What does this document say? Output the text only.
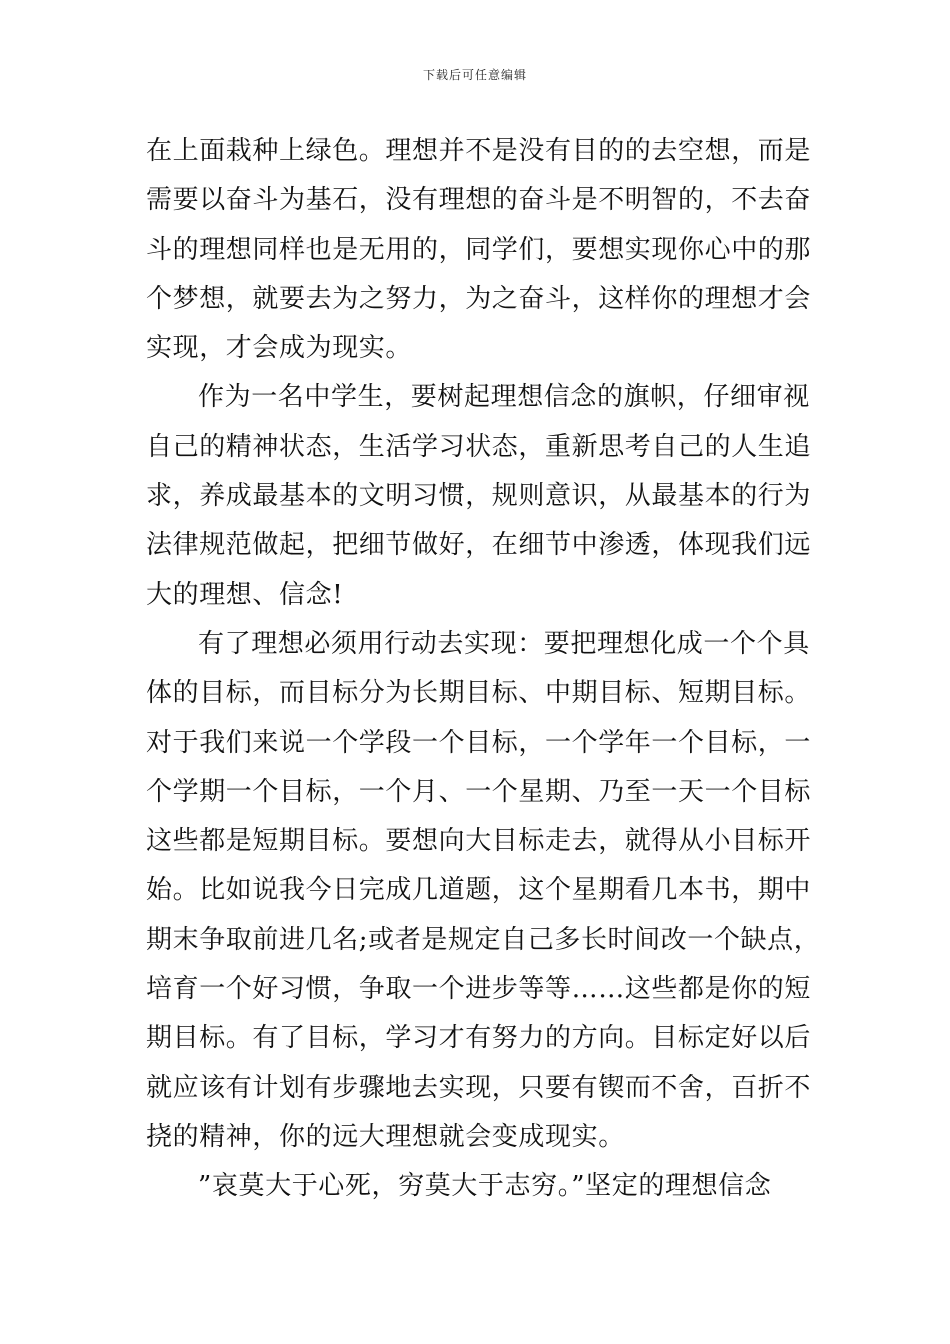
下载后可任意编辑
在上面栽种上绿色。理想并不是没有目的的去空想，而是
需要以奋斗为基石，没有理想的奋斗是不明智的，不去奋
斗的理想同样也是无用的，同学们，要想实现你心中的那
个梦想，就要去为之努力，为之奋斗，这样你的理想才会
实现，才会成为现实。
作为一名中学生，要树起理想信念的旗帜，仔细审视
自己的精神状态，生活学习状态，重新思考自己的人生追
求，养成最基本的文明习惯，规则意识，从最基本的行为
法律规范做起，把细节做好，在细节中渗透，体现我们远
大的理想、信念!
有了理想必须用行动去实现：要把理想化成一个个具
体的目标，而目标分为长期目标、中期目标、短期目标。
对于我们来说一个学段一个目标，一个学年一个目标，一
个学期一个目标，一个月、一个星期、乃至一天一个目标
这些都是短期目标。要想向大目标走去，就得从小目标开
始。比如说我今日完成几道题，这个星期看几本书，期中
期末争取前进几名;或者是规定自己多长时间改一个缺点，
培育一个好习惯，争取一个进步等等……这些都是你的短
期目标。有了目标，学习才有努力的方向。目标定好以后
就应该有计划有步骤地去实现，只要有锲而不舍，百折不
挠的精神，你的远大理想就会变成现实。
”哀莫大于心死，穷莫大于志穷。”坚定的理想信念
